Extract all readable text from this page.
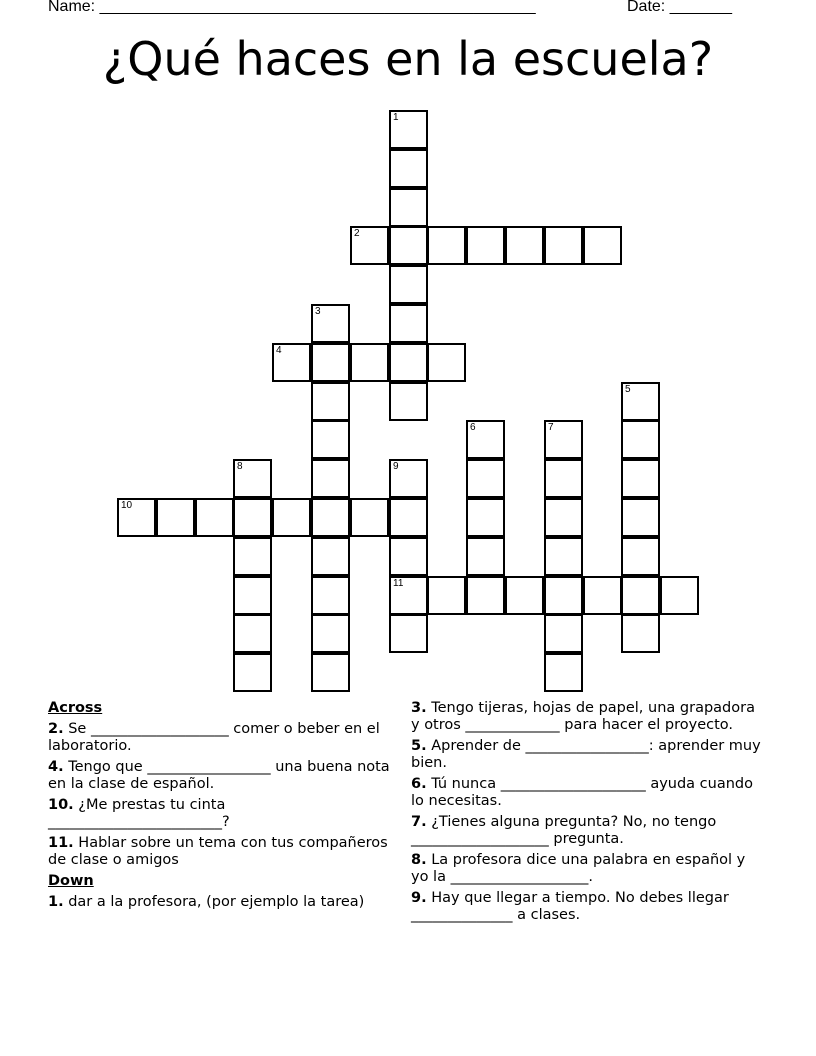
Name: _________________________________________________	Date: _______
¿Qué haces en la escuela?
1
2
3
4
5
6	7
8	9
10
11
Across
2. Se ___________________ comer o beber en el laboratorio.
4. Tengo que _________________ una buena nota en la clase de español.
10. ¿Me prestas tu cinta ________________________?
11. Hablar sobre un tema con tus compañeros de clase o amigos
Down
1. dar a la profesora, (por ejemplo la tarea)
3. Tengo tijeras, hojas de papel, una grapadora y otros _____________ para hacer el proyecto.
5. Aprender de _________________: aprender muy bien.
6. Tú nunca ____________________ ayuda cuando lo necesitas.
7. ¿Tienes alguna pregunta? No, no tengo ___________________ pregunta.
8. La profesora dice una palabra en español y yo la ___________________.
9. Hay que llegar a tiempo. No debes llegar ______________ a clases.
